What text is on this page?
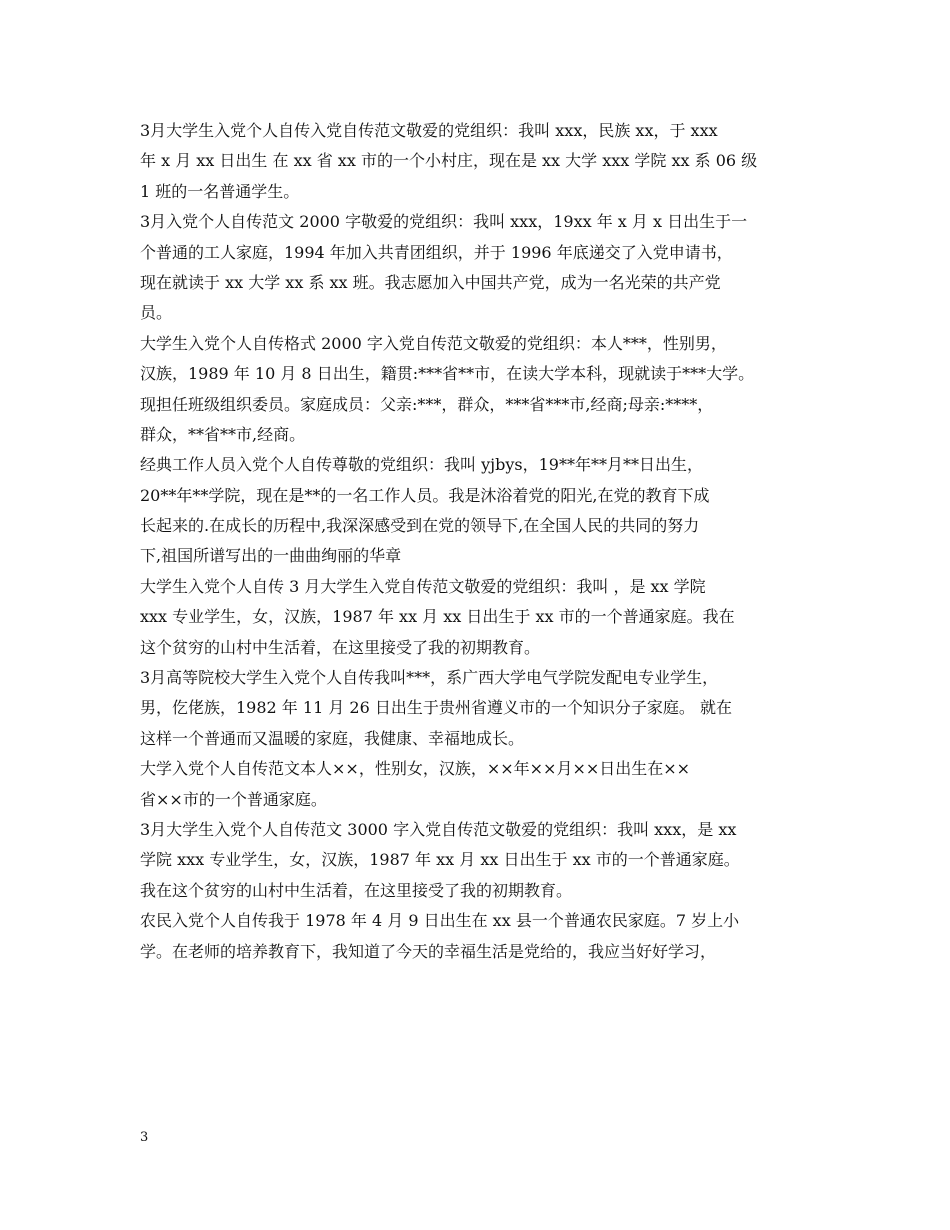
3月大学生入党个人自传入党自传范文敬爱的党组织：我叫 xxx，民族 xx，于 xxx
年 x 月 xx 日出生 在 xx 省 xx 市的一个小村庄，现在是 xx 大学 xxx 学院 xx 系 06 级
1 班的一名普通学生。
3月入党个人自传范文 2000 字敬爱的党组织：我叫 xxx，19xx 年 x 月 x 日出生于一
个普通的工人家庭，1994 年加入共青团组织，并于 1996 年底递交了入党申请书，
现在就读于 xx 大学 xx 系 xx 班。我志愿加入中国共产党，成为一名光荣的共产党
员。
大学生入党个人自传格式 2000 字入党自传范文敬爱的党组织：本人***，性别男，
汉族，1989 年 10 月 8 日出生，籍贯:***省**市，在读大学本科，现就读于***大学。
现担任班级组织委员。家庭成员：父亲:***，群众，***省***市,经商;母亲:****，
群众，**省**市,经商。
经典工作人员入党个人自传尊敬的党组织：我叫 yjbys，19**年**月**日出生，
20**年**学院，现在是**的一名工作人员。我是沐浴着党的阳光,在党的教育下成
长起来的.在成长的历程中,我深深感受到在党的领导下,在全国人民的共同的努力
下,祖国所谱写出的一曲曲绚丽的华章
大学生入党个人自传 3 月大学生入党自传范文敬爱的党组织：我叫 ，是 xx 学院
xxx 专业学生，女，汉族，1987 年 xx 月 xx 日出生于 xx 市的一个普通家庭。我在
这个贫穷的山村中生活着，在这里接受了我的初期教育。
3月高等院校大学生入党个人自传我叫***，系广西大学电气学院发配电专业学生，
男，仡佬族，1982 年 11 月 26 日出生于贵州省遵义市的一个知识分子家庭。 就在
这样一个普通而又温暖的家庭，我健康、幸福地成长。
大学入党个人自传范文本人××，性别女，汉族，××年××月××日出生在××
省××市的一个普通家庭。
3月大学生入党个人自传范文 3000 字入党自传范文敬爱的党组织：我叫 xxx，是 xx
学院 xxx 专业学生，女，汉族，1987 年 xx 月 xx 日出生于 xx 市的一个普通家庭。
我在这个贫穷的山村中生活着，在这里接受了我的初期教育。
农民入党个人自传我于 1978 年 4 月 9 日出生在 xx 县一个普通农民家庭。7 岁上小
学。在老师的培养教育下，我知道了今天的幸福生活是党给的，我应当好好学习，
3
